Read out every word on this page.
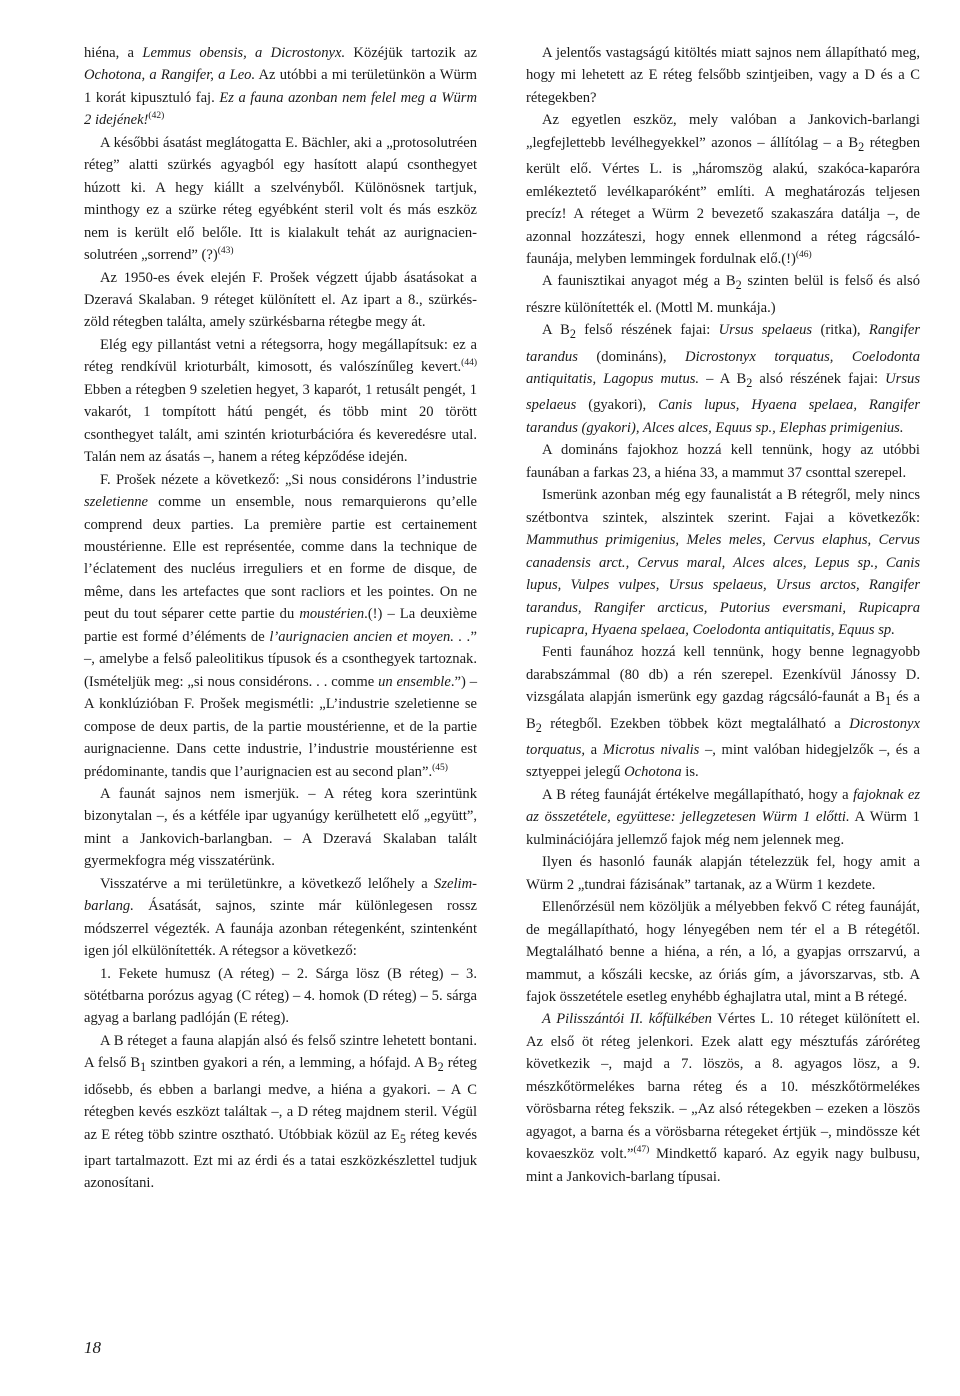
hiéna, a Lemmus obensis, a Dicrostonyx. Közéjük tartozik az Ochotona, a Rangifer, a Leo. Az utóbbi a mi területünkön a Würm 1 korát kipusztuló faj. Ez a fauna azonban nem felel meg a Würm 2 idejének!$^{(42)}$

A későbbi ásatást meglátogatta E. Bächler, aki a „protosolutréen réteg” alatti szürkés agyagból egy hasított alapú csonthegyet húzott ki. A hegy kiállt a szelvényből. Különösnek tartjuk, minthogy ez a szürke réteg egyébként steril volt és más eszköz nem is került elő belőle. Itt is kialakult tehát az aurignacien-solutréen „sorrend” (?)$^{(43)}$

Az 1950-es évek elején F. Prošek végzett újabb ásatásokat a Dzeravá Skalaban. 9 réteget különített el. Az ipart a 8., szürkés-zöld rétegben találta, amely szürkésbarna rétegbe megy át.

Elég egy pillantást vetni a rétegsorra, hogy megállapítsuk: ez a réteg rendkívül krioturbált, kimosott, és valószínűleg kevert.$^{(44)}$ Ebben a rétegben 9 szeletien hegyet, 3 kaparót, 1 retusált pengét, 1 vakarót, 1 tompított hátú pengét, és több mint 20 törött csonthegyet talált, ami szintén krioturbációra és keveredésre utal. Talán nem az ásatás –, hanem a réteg képződése idején.

F. Prošek nézete a következő: „Si nous considérons l’industrie szeletienne comme un ensemble, nous remarquierons qu’elle comprend deux parties. La première partie est certainement moustérienne. Elle est représentée, comme dans la technique de l’éclatement des nucléus irreguliers et en forme de disque, de même, dans les artefactes que sont racliors et les pointes. On ne peut du tout séparer cette partie du moustérien.(!) – La deuxième partie est formé d’éléments de l’aurignacien ancien et moyen. . .” –, amelybe a felső paleolitikus típusok és a csonthegyek tartoznak. (Ismételjük meg: „si nous considérons. . . comme un ensemble.”) – A konklúzióban F. Prošek megismétli: „L’industrie szeletienne se compose de deux partis, de la partie moustérienne, et de la partie aurignacienne. Dans cette industrie, l’industrie moustérienne est prédominante, tandis que l’aurignacien est au second plan”.$^{(45)}$

A faunát sajnos nem ismerjük. – A réteg kora szerintünk bizonytalan –, és a kétféle ipar ugyanúgy kerülhetett elő „együtt”, mint a Jankovich-barlangban. – A Dzeravá Skalaban talált gyermekfogra még visszatérünk.

Visszatérve a mi területünkre, a következő lelőhely a Szelim-barlang. Ásatását, sajnos, szinte már különlegesen rossz módszerrel végezték. A faunája azonban rétegenként, szintenként igen jól elkülönítették. A rétegsor a következő:

1. Fekete humusz (A réteg) – 2. Sárga lösz (B réteg) – 3. sötétbarna porózus agyag (C réteg) – 4. homok (D réteg) – 5. sárga agyag a barlang padlóján (E réteg).

A B réteget a fauna alapján alsó és felső szintre lehetett bontani. A felső $B_1$ szintben gyakori a rén, a lemming, a hófajd. A $B_2$ réteg idősebb, és ebben a barlangi medve, a hiéna a gyakori. – A C rétegben kevés eszközt találtak –, a D réteg majdnem steril. Végül az E réteg több szintre osztható. Utóbbiak közül az $E_5$ réteg kevés ipart tartalmazott. Ezt mi az érdi és a tatai eszközkészlettel tudjuk azonosítani.

A jelentős vastagságú kitöltés miatt sajnos nem állapítható meg, hogy mi lehetett az E réteg felsőbb szintjeiben, vagy a D és a C rétegekben?

Az egyetlen eszköz, mely valóban a Jankovich-barlangi „legfejlettebb levélhegyekkel” azonos – állítólag – a $B_2$ rétegben került elő. Vértes L. is „háromszög alakú, szakóca-kaparóra emlékeztető levélkaparóként” említi. A meghatározás teljesen precíz! A réteget a Würm 2 bevezető szakaszára datálja –, de azonnal hozzáteszi, hogy ennek ellenmond a réteg rágcsáló-faunája, melyben lemmingek fordulnak elő.(!)$^{(46)}$

A faunisztikai anyagot még a $B_2$ szinten belül is felső és alsó részre különítették el. (Mottl M. munkája.)

A $B_2$ felső részének fajai: Ursus spelaeus (ritka), Rangifer tarandus (domináns), Dicrostonyx torquatus, Coelodonta antiquitatis, Lagopus mutus. – A $B_2$ alsó részének fajai: Ursus spelaeus (gyakori), Canis lupus, Hyaena spelaea, Rangifer tarandus (gyakori), Alces alces, Equus sp., Elephas primigenius.

A domináns fajokhoz hozzá kell tennünk, hogy az utóbbi faunában a farkas 23, a hiéna 33, a mammut 37 csonttal szerepel.

Ismerünk azonban még egy faunalistát a B rétegről, mely nincs szétbontva szintek, alszintek szerint. Fajai a következők: Mammuthus primigenius, Meles meles, Cervus elaphus, Cervus canadensis arct., Cervus maral, Alces alces, Lepus sp., Canis lupus, Vulpes vulpes, Ursus spelaeus, Ursus arctos, Rangifer tarandus, Rangifer arcticus, Putorius eversmani, Rupicapra rupicapra, Hyaena spelaea, Coelodonta antiquitatis, Equus sp.

Fenti faunához hozzá kell tennünk, hogy benne legnagyobb darabszámmal (80 db) a rén szerepel. Ezenkívül Jánossy D. vizsgálata alapján ismerünk egy gazdag rágcsáló-faunát a $B_1$ és a $B_2$ rétegből. Ezekben többek közt megtalálható a Dicrostonyx torquatus, a Microtus nivalis –, mint valóban hidegjelzők –, és a sztyeppei jelegű Ochotona is.

A B réteg faunáját értékelve megállapítható, hogy a fajoknak ez az összetétele, együttese: jellegzetesen Würm 1 előtti. A Würm 1 kulminációjára jellemző fajok még nem jelennek meg.

Ilyen és hasonló faunák alapján tételezzük fel, hogy amit a Würm 2 „tundrai fázisának” tartanak, az a Würm 1 kezdete.

Ellenőrzésül nem közöljük a mélyebben fekvő C réteg faunáját, de megállapítható, hogy lényegében nem tér el a B rétegétől. Megtalálható benne a hiéna, a rén, a ló, a gyapjas orrszarvú, a mammut, a kőszáli kecske, az óriás gím, a jávorszarvas, stb. A fajok összetétele esetleg enyhébb éghajlatra utal, mint a B rétegé.

A Pilisszántói II. kőfülkében Vértes L. 10 réteget különített el. Az első öt réteg jelenkori. Ezek alatt egy mésztufás záróréteg következik –, majd a 7. löszös, a 8. agyagos lösz, a 9. mészkőtörmelékes barna réteg és a 10. mészkőtörmelékes vörösbarna réteg fekszik. – „Az alsó rétegekben – ezeken a löszös agyagot, a barna és a vörösbarna rétegeket értjük –, mindössze két kovaeszköz volt.”$^{(47)}$ Mindkettő kaparó. Az egyik nagy bulbusu, mint a Jankovich-barlang típusai.

18
